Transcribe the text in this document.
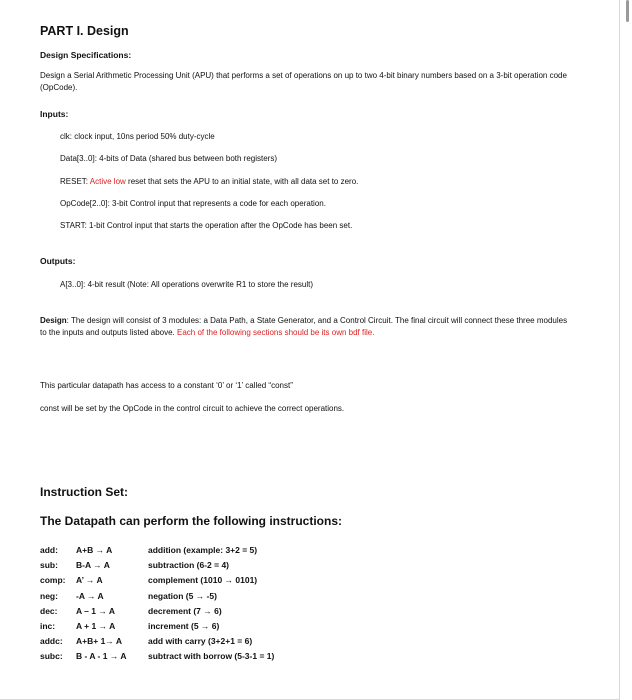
PART I. Design
Design Specifications:
Design a Serial Arithmetic Processing Unit (APU) that performs a set of operations on up to two 4-bit binary numbers based on a 3-bit operation code (OpCode).
Inputs:
clk: clock input, 10ns period 50% duty-cycle
Data[3..0]: 4-bits of Data (shared bus between both registers)
RESET: Active low reset that sets the APU to an initial state, with all data set to zero.
OpCode[2..0]: 3-bit Control input that represents a code for each operation.
START: 1-bit Control input that starts the operation after the OpCode has been set.
Outputs:
A[3..0]: 4-bit result (Note: All operations overwrite R1 to store the result)
Design: The design will consist of 3 modules: a Data Path, a State Generator, and a Control Circuit. The final circuit will connect these three modules to the inputs and outputs listed above. Each of the following sections should be its own bdf file.
This particular datapath has access to a constant ‘0’ or ‘1’ called “const”
const will be set by the OpCode in the control circuit to achieve the correct operations.
Instruction Set:
The Datapath can perform the following instructions:
add:	A+B → A	addition (example: 3+2 = 5)
sub:	B-A → A	subtraction (6-2 = 4)
comp:	A’ → A	complement (1010 → 0101)
neg:	-A → A	negation (5 → -5)
dec:	A – 1 → A	decrement (7 → 6)
inc:	A + 1 → A	increment (5 → 6)
addc:	A+B+ 1→ A	add with carry (3+2+1 = 6)
subc:	B - A - 1 → A	subtract with borrow (5-3-1 = 1)
